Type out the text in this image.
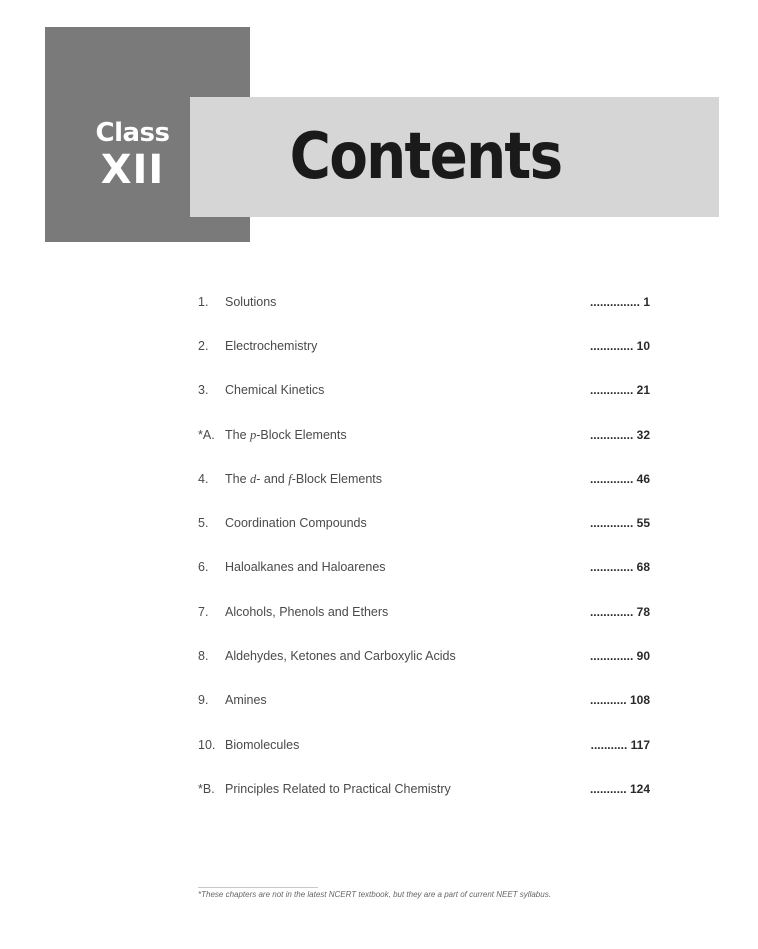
Class
XII	Contents
1. Solutions	............... 1
2. Electrochemistry	............. 10
3. Chemical Kinetics	............. 21
*A. The p-Block Elements	............. 32
4. The d- and f-Block Elements	............. 46
5. Coordination Compounds	............. 55
6. Haloalkanes and Haloarenes	............. 68
7. Alcohols, Phenols and Ethers	............. 78
8. Aldehydes, Ketones and Carboxylic Acids	............. 90
9. Amines	........... 108
10. Biomolecules	........... 117
*B. Principles Related to Practical Chemistry	........... 124
*These chapters are not in the latest NCERT textbook, but they are a part of current NEET syllabus.
